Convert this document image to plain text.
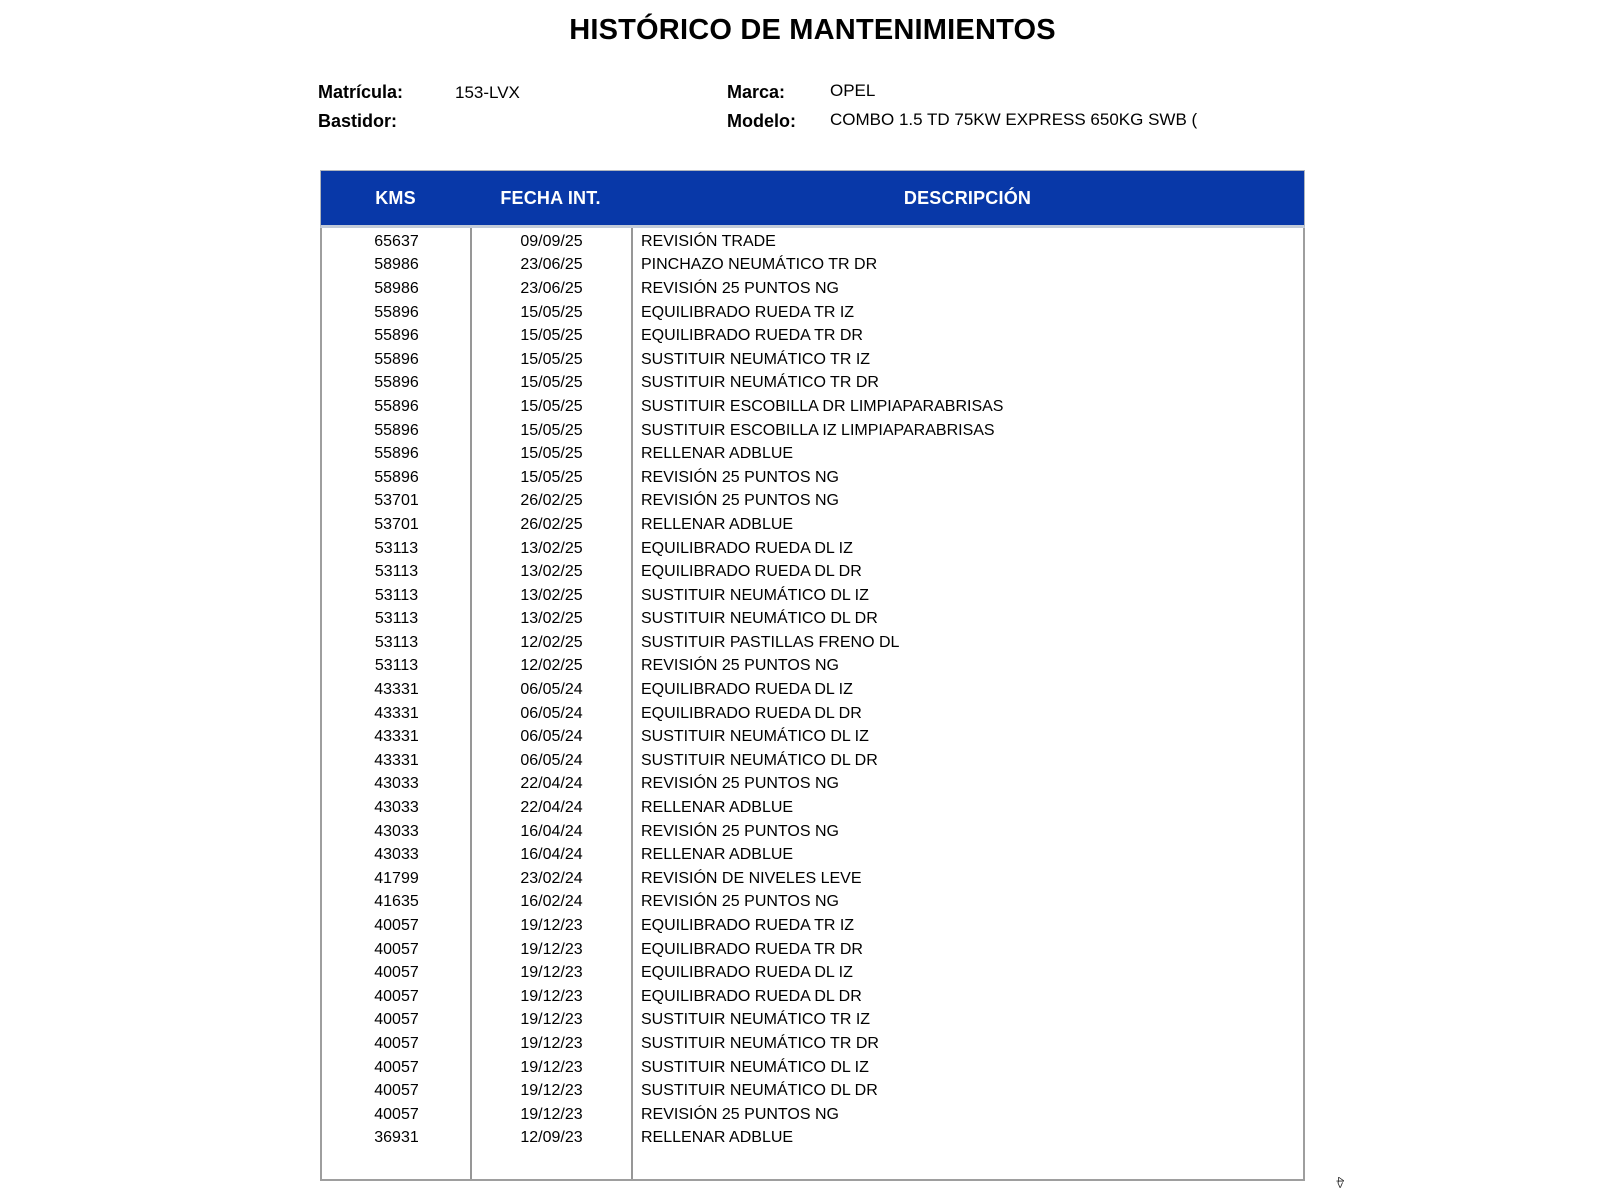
HISTÓRICO DE MANTENIMIENTOS
Matrícula:	153-LVX	Marca:	OPEL
Bastidor:	Modelo: COMBO 1.5 TD 75KW EXPRESS 650KG SWB (
KMS	FECHA INT.	DESCRIPCIÓN
65637	09/09/25	REVISIÓN TRADE
58986	23/06/25	PINCHAZO NEUMÁTICO TR DR
58986	23/06/25	REVISIÓN 25 PUNTOS NG
55896	15/05/25	EQUILIBRADO RUEDA TR IZ
55896	15/05/25	EQUILIBRADO RUEDA TR DR
55896	15/05/25	SUSTITUIR NEUMÁTICO TR IZ
55896	15/05/25	SUSTITUIR NEUMÁTICO TR DR
55896	15/05/25	SUSTITUIR ESCOBILLA DR LIMPIAPARABRISAS
55896	15/05/25	SUSTITUIR ESCOBILLA IZ LIMPIAPARABRISAS
55896	15/05/25	RELLENAR ADBLUE
55896	15/05/25	REVISIÓN 25 PUNTOS NG
53701	26/02/25	REVISIÓN 25 PUNTOS NG
53701	26/02/25	RELLENAR ADBLUE
53113	13/02/25	EQUILIBRADO RUEDA DL IZ
53113	13/02/25	EQUILIBRADO RUEDA DL DR
53113	13/02/25	SUSTITUIR NEUMÁTICO DL IZ
53113	13/02/25	SUSTITUIR NEUMÁTICO DL DR
53113	12/02/25	SUSTITUIR PASTILLAS FRENO DL
53113	12/02/25	REVISIÓN 25 PUNTOS NG
43331	06/05/24	EQUILIBRADO RUEDA DL IZ
43331	06/05/24	EQUILIBRADO RUEDA DL DR
43331	06/05/24	SUSTITUIR NEUMÁTICO DL IZ
43331	06/05/24	SUSTITUIR NEUMÁTICO DL DR
43033	22/04/24	REVISIÓN 25 PUNTOS NG
43033	22/04/24	RELLENAR ADBLUE
43033	16/04/24	REVISIÓN 25 PUNTOS NG
43033	16/04/24	RELLENAR ADBLUE
41799	23/02/24	REVISIÓN DE NIVELES LEVE
41635	16/02/24	REVISIÓN 25 PUNTOS NG
40057	19/12/23	EQUILIBRADO RUEDA TR IZ
40057	19/12/23	EQUILIBRADO RUEDA TR DR
40057	19/12/23	EQUILIBRADO RUEDA DL IZ
40057	19/12/23	EQUILIBRADO RUEDA DL DR
40057	19/12/23	SUSTITUIR NEUMÁTICO TR IZ
40057	19/12/23	SUSTITUIR NEUMÁTICO TR DR
40057	19/12/23	SUSTITUIR NEUMÁTICO DL IZ
40057	19/12/23	SUSTITUIR NEUMÁTICO DL DR
40057	19/12/23	REVISIÓN 25 PUNTOS NG
36931	12/09/23	RELLENAR ADBLUE
4>
